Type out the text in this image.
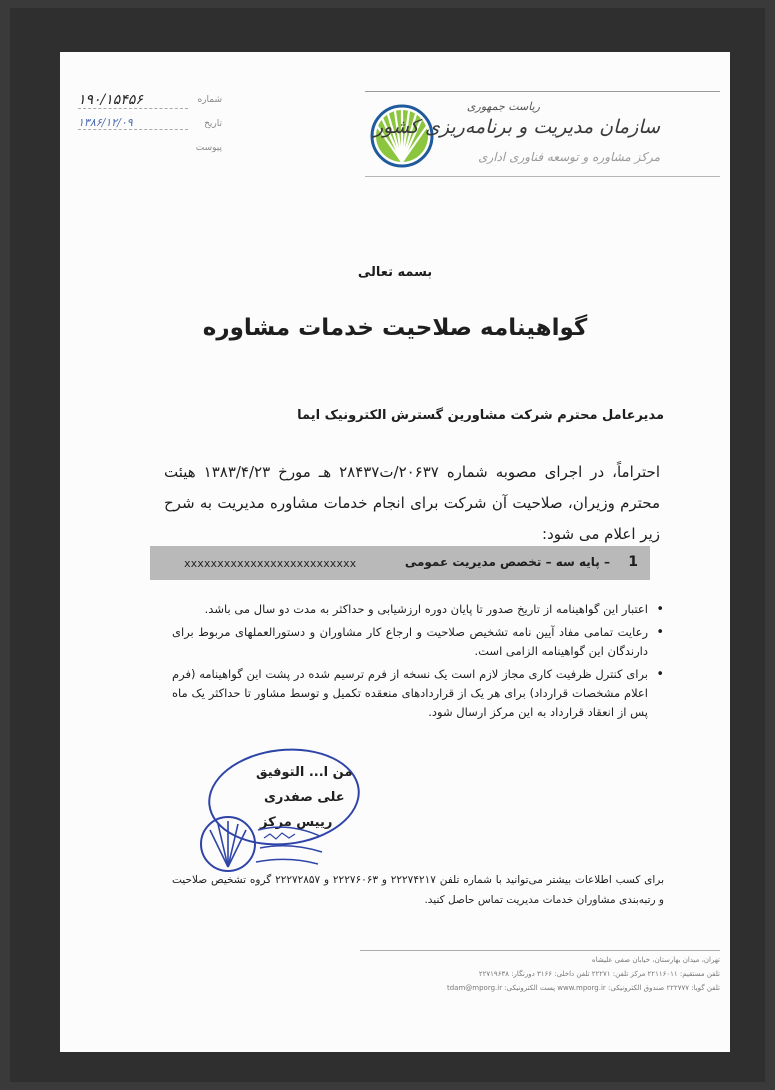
ریاست جمهوری
سازمان مدیریت و برنامه‌ریزی کشور
مرکز مشاوره و توسعه فناوری اداری
۱۹۰/۱۵۴۵۶	شماره
۱۳۸۶/۱۲/۰۹	تاریخ
پیوست
بسمه تعالی
گواهینامه صلاحیت خدمات مشاوره
مدیرعامل محترم شرکت مشاورین گسترش الکترونیک ایما
احتراماً، در اجرای مصوبه شماره ۲۰۶۳۷/ت۲۸۴۳۷ هـ مورخ ۱۳۸۳/۴/۲۳ هیئت محترم وزیران، صلاحیت آن شرکت برای انجام خدمات مشاوره مدیریت به شرح زیر اعلام می شود:
1
– پایه سه – تخصص مدیریت عمومی
xxxxxxxxxxxxxxxxxxxxxxxxxx
• اعتبار این گواهینامه از تاریخ صدور تا پایان دوره ارزشیابی و حداکثر به مدت دو سال می باشد.
• رعایت تمامی مفاد آیین نامه تشخیص صلاحیت و ارجاع کار مشاوران و دستورالعملهای مربوط برای دارندگان این گواهینامه الزامی است.
• برای کنترل ظرفیت کاری مجاز لازم است یک نسخه از فرم ترسیم شده در پشت این گواهینامه (فرم اعلام مشخصات قرارداد) برای هر یک از قراردادهای منعقده تکمیل و توسط مشاور تا حداکثر یک ماه پس از انعقاد قرارداد به این مرکز ارسال شود.
من ا... التوفیق
علی صفدری
رییس مرکز
برای کسب اطلاعات بیشتر می‌توانید با شماره تلفن ۲۲۲۷۴۲۱۷ و ۲۲۲۷۶۰۶۳ و ۲۲۲۷۲۸۵۷ گروه تشخیص صلاحیت و رتبه‌بندی مشاوران خدمات مدیریت تماس حاصل کنید.
تهران، میدان بهارستان، خیابان صفی علیشاه
تلفن مستقیم: ۲۲۱۱۶۰۱۱ مرکز تلفن: ۲۲۲۷۱ تلفن داخلی: ۳۱۶۶ دورنگار: ۲۲۷۱۹۶۳۸
تلفن گویا: ۲۲۲۷۷۷ صندوق الکترونیکی: www.mporg.ir پست الکترونیکی: tdam@mporg.ir
